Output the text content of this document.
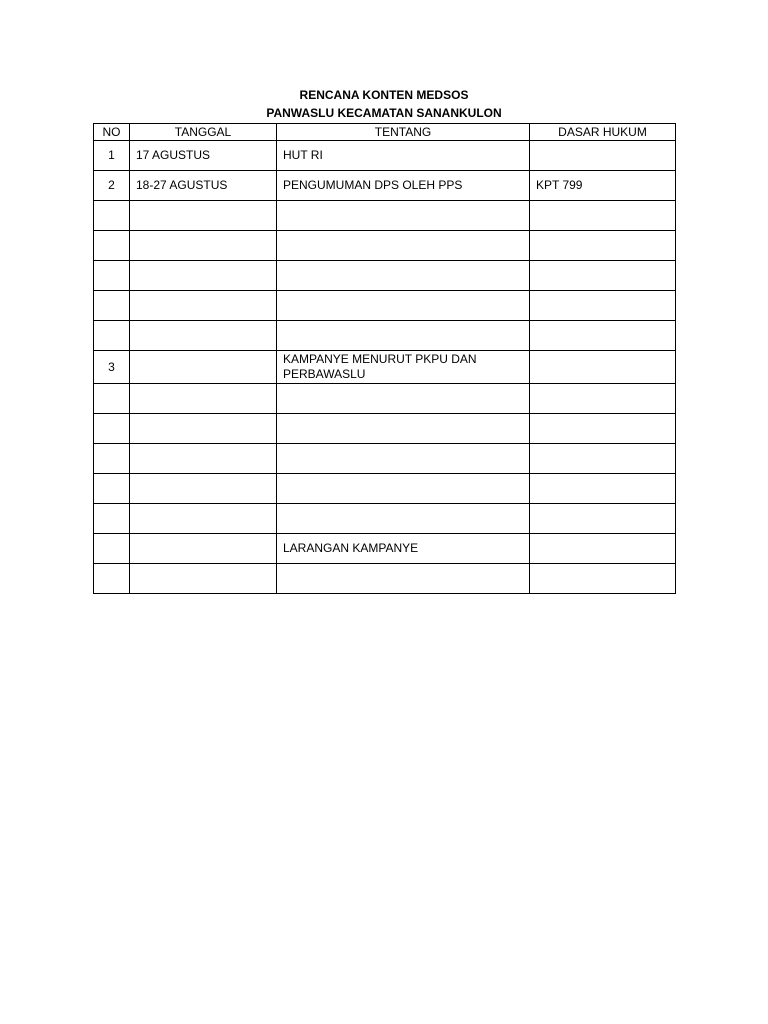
RENCANA KONTEN MEDSOS
PANWASLU KECAMATAN SANANKULON
NO	TANGGAL	TENTANG	DASAR HUKUM
1	17 AGUSTUS	HUT RI	
2	18-27 AGUSTUS	PENGUMUMAN DPS OLEH PPS	KPT 799

3		KAMPANYE MENURUT PKPU DAN PERBAWASLU	

		LARANGAN KAMPANYE	
